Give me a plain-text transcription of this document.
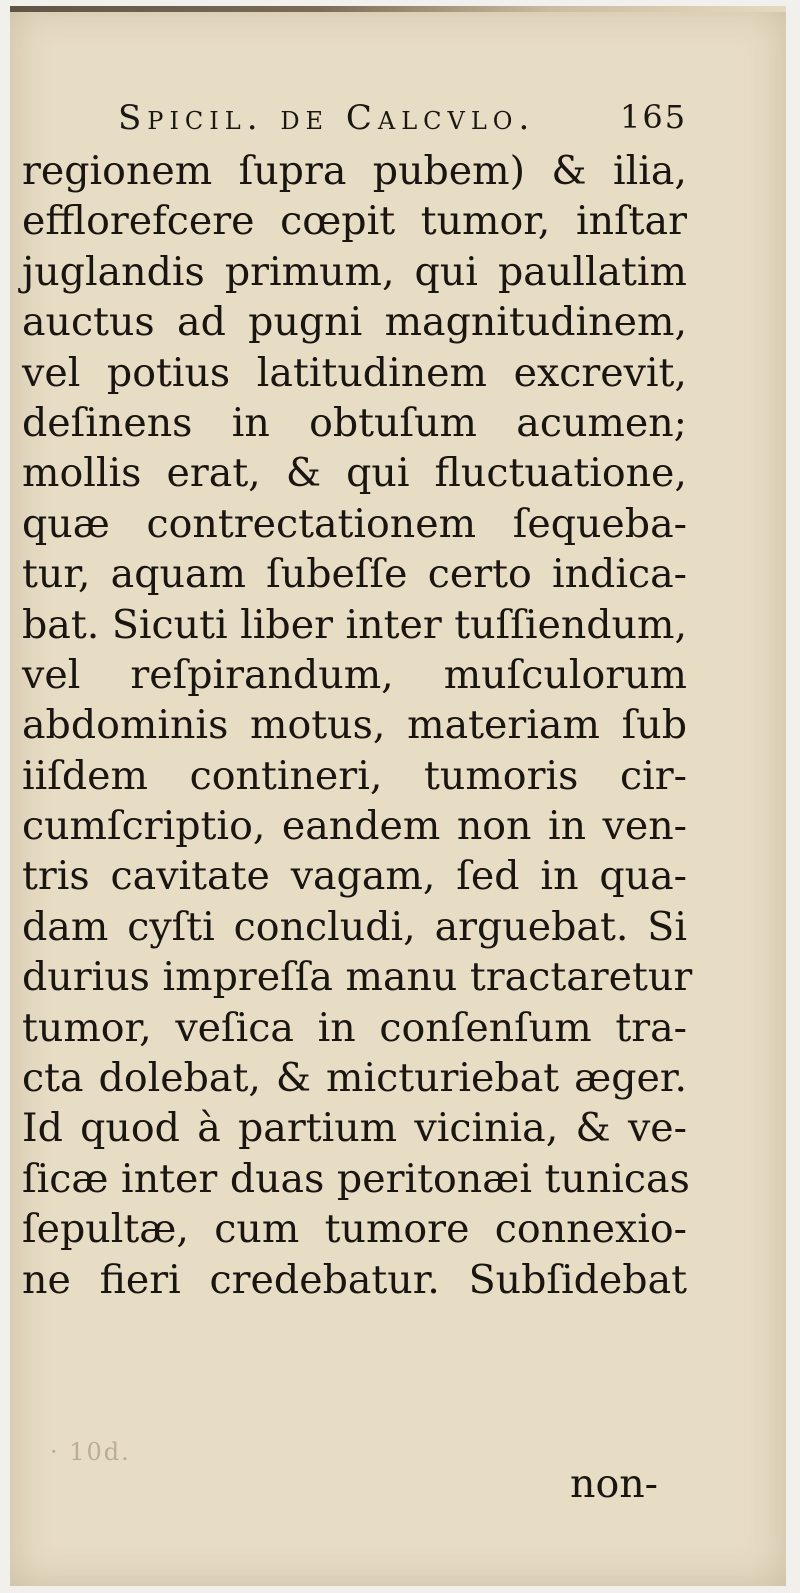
Spicil. de Calcvlo.	165
regionem ſupra pubem) & ilia,
efflorefcere cœpit tumor, inſtar
juglandis primum, qui paullatim
auctus ad pugni magnitudinem,
vel potius latitudinem excrevit,
deſinens in obtuſum acumen;
mollis erat, & qui fluctuatione,
quæ contrectationem ſequeba-
tur, aquam ſubeſſe certo indica-
bat. Sicuti liber inter tuſſiendum,
vel reſpirandum, muſculorum
abdominis motus, materiam ſub
iiſdem contineri, tumoris cir-
cumſcriptio, eandem non in ven-
tris cavitate vagam, ſed in qua-
dam cyſti concludi, arguebat. Si
durius impreſſa manu tractaretur
tumor, veſica in conſenſum tra-
cta dolebat, & micturiebat æger.
Id quod à partium vicinia, & ve-
ſicæ inter duas peritonæi tunicas
ſepultæ, cum tumore connexio-
ne fieri credebatur. Subſidebat
· 10d.
non-
